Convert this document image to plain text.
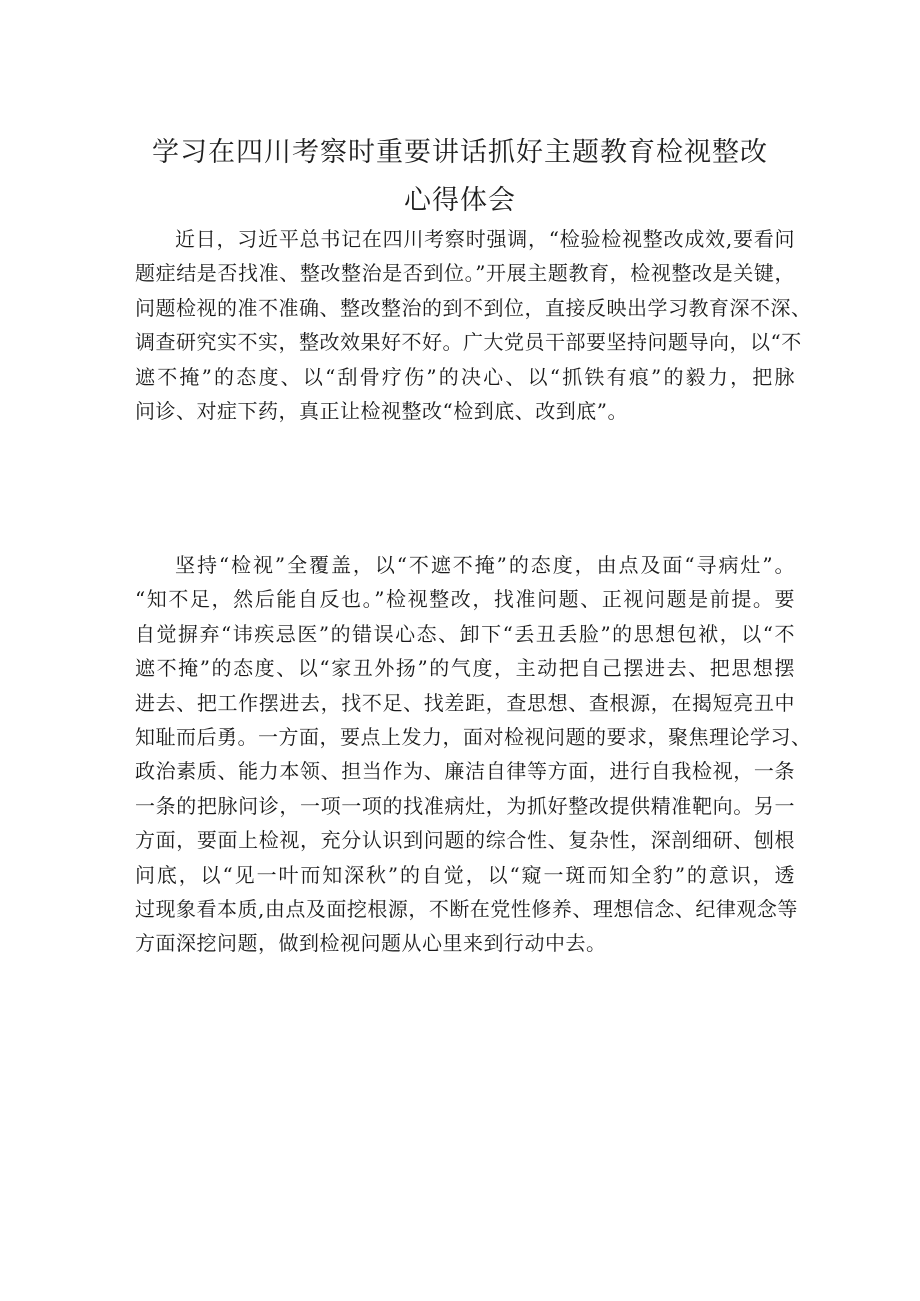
学习在四川考察时重要讲话抓好主题教育检视整改
心得体会
近日，习近平总书记在四川考察时强调，“检验检视整改成效,要看问
题症结是否找准、整改整治是否到位。”开展主题教育，检视整改是关键，
问题检视的准不准确、整改整治的到不到位，直接反映出学习教育深不深、
调查研究实不实，整改效果好不好。广大党员干部要坚持问题导向，以“不
遮不掩”的态度、以“刮骨疗伤”的决心、以“抓铁有痕”的毅力，把脉
问诊、对症下药，真正让检视整改“检到底、改到底”。
坚持“检视”全覆盖，以“不遮不掩”的态度，由点及面“寻病灶”。
“知不足，然后能自反也。”检视整改，找准问题、正视问题是前提。要
自觉摒弃“讳疾忌医”的错误心态、卸下“丢丑丢脸”的思想包袱，以“不
遮不掩”的态度、以“家丑外扬”的气度，主动把自己摆进去、把思想摆
进去、把工作摆进去，找不足、找差距，查思想、查根源，在揭短亮丑中
知耻而后勇。一方面，要点上发力，面对检视问题的要求，聚焦理论学习、
政治素质、能力本领、担当作为、廉洁自律等方面，进行自我检视，一条
一条的把脉问诊，一项一项的找准病灶，为抓好整改提供精准靶向。另一
方面，要面上检视，充分认识到问题的综合性、复杂性，深剖细研、刨根
问底，以“见一叶而知深秋”的自觉，以“窥一斑而知全豹”的意识，透
过现象看本质,由点及面挖根源，不断在党性修养、理想信念、纪律观念等
方面深挖问题，做到检视问题从心里来到行动中去。
